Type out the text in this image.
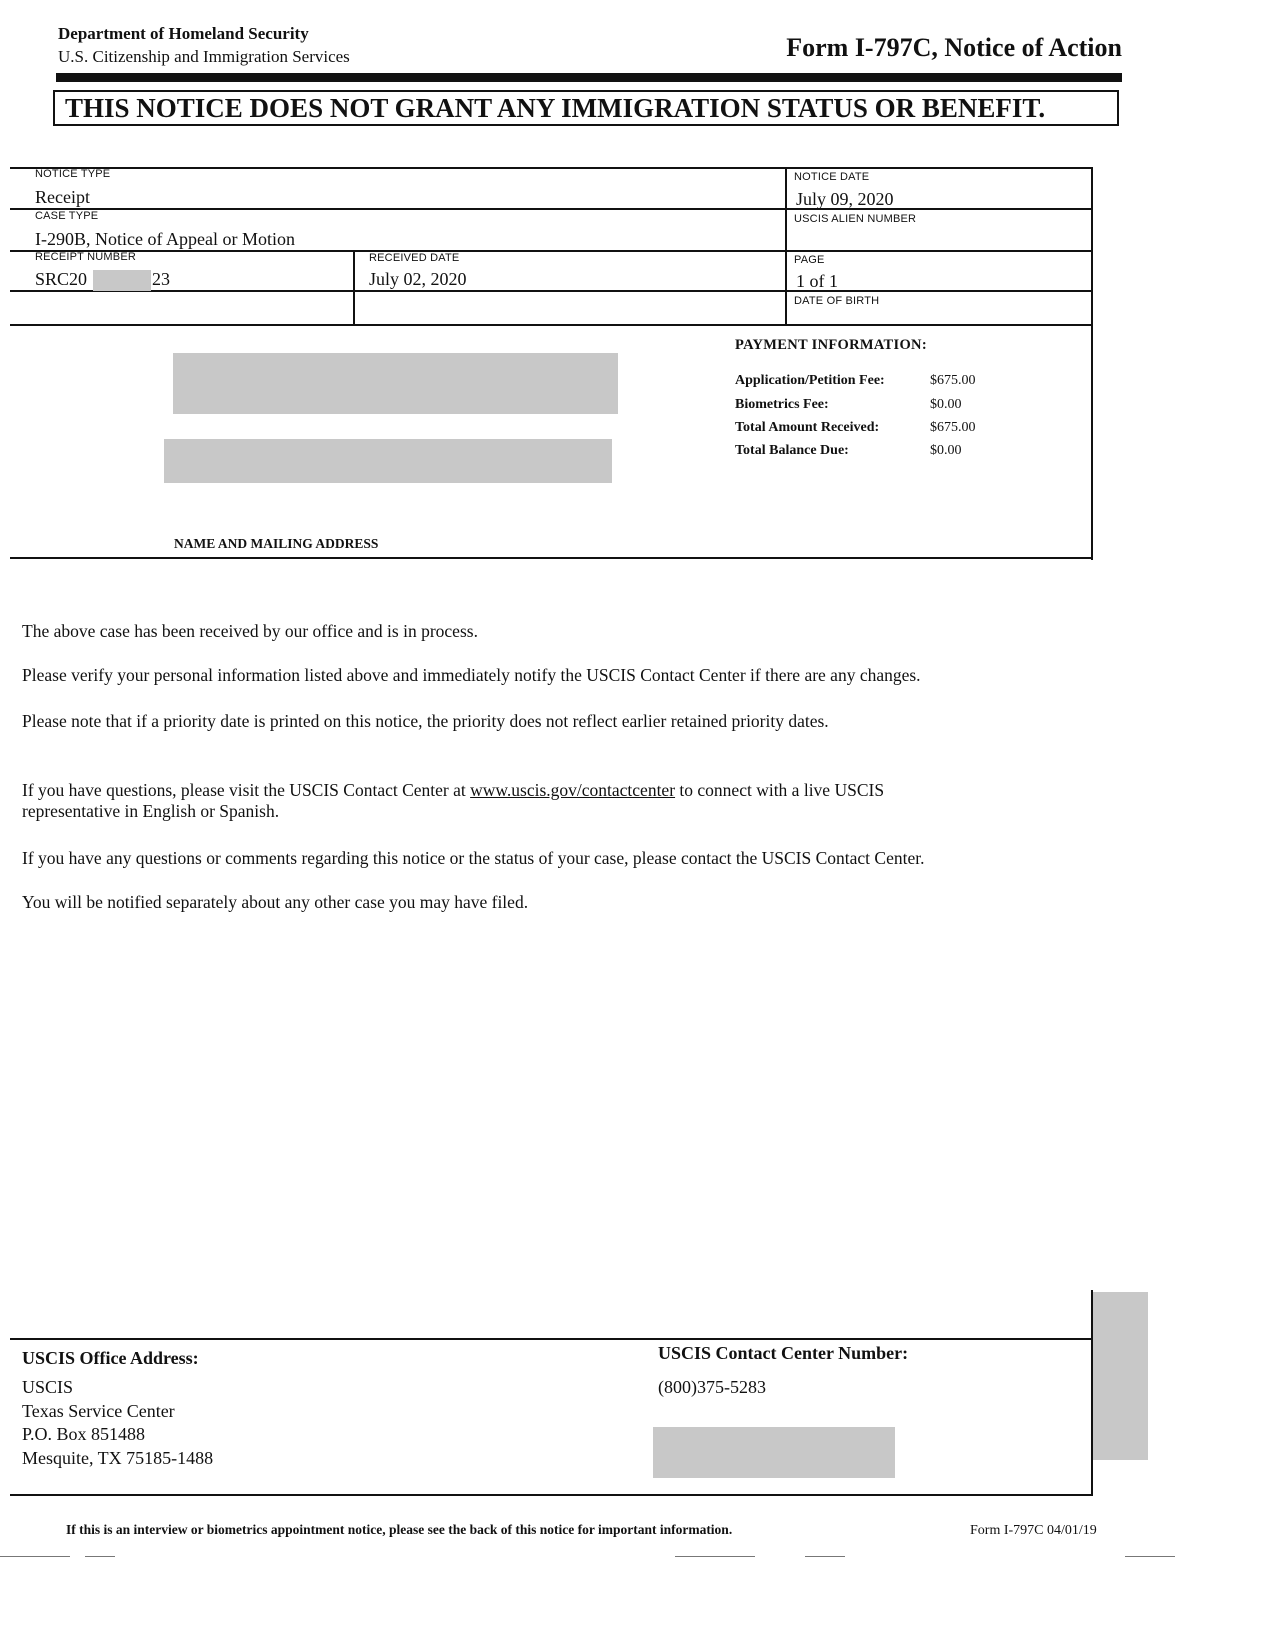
Department of Homeland Security
U.S. Citizenship and Immigration Services	Form I-797C, Notice of Action
THIS NOTICE DOES NOT GRANT ANY IMMIGRATION STATUS OR BENEFIT.
NOTICE TYPE
Receipt
NOTICE DATE
July 09, 2020
CASE TYPE
I-290B, Notice of Appeal or Motion
USCIS ALIEN NUMBER
RECEIPT NUMBER
SRC20	23
RECEIVED DATE
July 02, 2020
PAGE
1 of 1
DATE OF BIRTH
NAME AND MAILING ADDRESS
PAYMENT INFORMATION:
Application/Petition Fee:	$675.00
Biometrics Fee:	$0.00
Total Amount Received:	$675.00
Total Balance Due:	$0.00
The above case has been received by our office and is in process.
Please verify your personal information listed above and immediately notify the USCIS Contact Center if there are any changes.
Please note that if a priority date is printed on this notice, the priority does not reflect earlier retained priority dates.
If you have questions, please visit the USCIS Contact Center at www.uscis.gov/contactcenter to connect with a live USCIS
representative in English or Spanish.
If you have any questions or comments regarding this notice or the status of your case, please contact the USCIS Contact Center.
You will be notified separately about any other case you may have filed.
USCIS Office Address:
USCIS
Texas Service Center
P.O. Box 851488
Mesquite, TX 75185-1488
USCIS Contact Center Number:
(800)375-5283
If this is an interview or biometrics appointment notice, please see the back of this notice for important information.	Form I-797C 04/01/19
